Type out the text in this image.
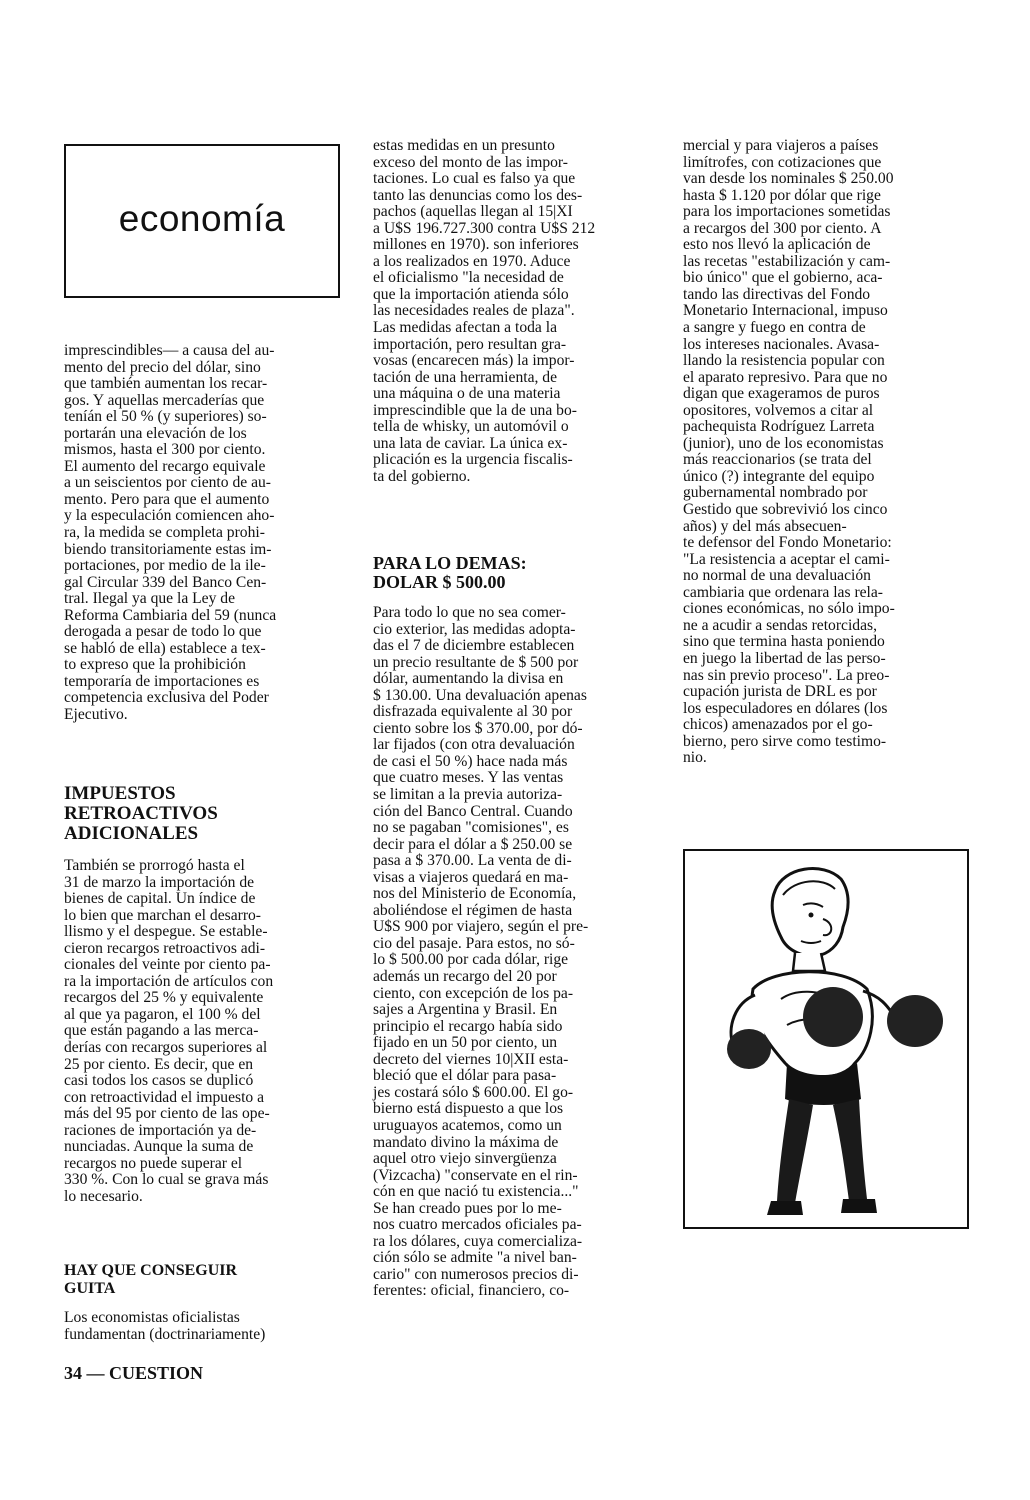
economía

imprescindibles— a causa del au-
mento del precio del dólar, sino
que también aumentan los recar-
gos. Y aquellas mercaderías que
teníán el 50 % (y superiores) so-
portarán una elevación de los
mismos, hasta el 300 por ciento.
El aumento del recargo equivale
a un seiscientos por ciento de au-
mento. Pero para que el aumento
y la especulación comiencen aho-
ra, la medida se completa prohi-
biendo transitoriamente estas im-
portaciones, por medio de la ile-
gal Circular 339 del Banco Cen-
tral. Ilegal ya que la Ley de
Reforma Cambiaria del 59 (nunca
derogada a pesar de todo lo que
se habló de ella) establece a tex-
to expreso que la prohibición
temporaría de importaciones es
competencia exclusiva del Poder
Ejecutivo.

IMPUESTOS
RETROACTIVOS
ADICIONALES

También se prorrogó hasta el
31 de marzo la importación de
bienes de capital. Un índice de
lo bien que marchan el desarro-
llismo y el despegue. Se estable-
cieron recargos retroactivos adi-
cionales del veinte por ciento pa-
ra la importación de artículos con
recargos del 25 % y equivalente
al que ya pagaron, el 100 % del
que están pagando a las merca-
derías con recargos superiores al
25 por ciento. Es decir, que en
casi todos los casos se duplicó
con retroactividad el impuesto a
más del 95 por ciento de las ope-
raciones de importación ya de-
nunciadas. Aunque la suma de
recargos no puede superar el
330 %. Con lo cual se grava más
lo necesario.

HAY QUE CONSEGUIR
GUITA

Los economistas oficialistas
fundamentan (doctrinariamente)

estas medidas en un presunto
exceso del monto de las impor-
taciones. Lo cual es falso ya que
tanto las denuncias como los des-
pachos (aquellas llegan al 15|XI
a U$S 196.727.300 contra U$S 212
millones en 1970). son inferiores
a los realizados en 1970. Aduce
el oficialismo "la necesidad de
que la importación atienda sólo
las necesidades reales de plaza".
Las medidas afectan a toda la
importación, pero resultan gra-
vosas (encarecen más) la impor-
tación de una herramienta, de
una máquina o de una materia
imprescindible que la de una bo-
tella de whisky, un automóvil o
una lata de caviar. La única ex-
plicación es la urgencia fiscalis-
ta del gobierno.

PARA LO DEMAS:
DOLAR $ 500.00

Para todo lo que no sea comer-
cio exterior, las medidas adopta-
das el 7 de diciembre establecen
un precio resultante de $ 500 por
dólar, aumentando la divisa en
$ 130.00. Una devaluación apenas
disfrazada equivalente al 30 por
ciento sobre los $ 370.00, por dó-
lar fijados (con otra devaluación
de casi el 50 %) hace nada más
que cuatro meses. Y las ventas
se limitan a la previa autoriza-
ción del Banco Central. Cuando
no se pagaban "comisiones", es
decir para el dólar a $ 250.00 se
pasa a $ 370.00. La venta de di-
visas a viajeros quedará en ma-
nos del Ministerio de Economía,
aboliéndose el régimen de hasta
U$S 900 por viajero, según el pre-
cio del pasaje. Para estos, no só-
lo $ 500.00 por cada dólar, rige
además un recargo del 20 por
ciento, con excepción de los pa-
sajes a Argentina y Brasil. En
principio el recargo había sido
fijado en un 50 por ciento, un
decreto del viernes 10|XII esta-
bleció que el dólar para pasa-
jes costará sólo $ 600.00. El go-
bierno está dispuesto a que los
uruguayos acatemos, como un
mandato divino la máxima de
aquel otro viejo sinvergüenza
(Vizcacha) "conservate en el rin-
cón en que nació tu existencia..."
Se han creado pues por lo me-
nos cuatro mercados oficiales pa-
ra los dólares, cuya comercializa-
ción sólo se admite "a nivel ban-
cario" con numerosos precios di-
ferentes: oficial, financiero, co-

mercial y para viajeros a países
limítrofes, con cotizaciones que
van desde los nominales $ 250.00
hasta $ 1.120 por dólar que rige
para los importaciones sometidas
a recargos del 300 por ciento. A
esto nos llevó la aplicación de
las recetas "estabilización y cam-
bio único" que el gobierno, aca-
tando las directivas del Fondo
Monetario Internacional, impuso
a sangre y fuego en contra de
los intereses nacionales. Avasa-
llando la resistencia popular con
el aparato represivo. Para que no
digan que exageramos de puros
opositores, volvemos a citar al
pachequista Rodríguez Larreta
(junior), uno de los economistas
más reaccionarios (se trata del
único (?) integrante del equipo
gubernamental nombrado por
Gestido que sobrevivió los cinco
años) y del más absecuen-
te defensor del Fondo Monetario:
"La resistencia a aceptar el cami-
no normal de una devaluación
cambiaria que ordenara las rela-
ciones económicas, no sólo impo-
ne a acudir a sendas retorcidas,
sino que termina hasta poniendo
en juego la libertad de las perso-
nas sin previo proceso". La preo-
cupación jurista de DRL es por
los especuladores en dólares (los
chicos) amenazados por el go-
bierno, pero sirve como testimo-
nio.

34 — CUESTION
